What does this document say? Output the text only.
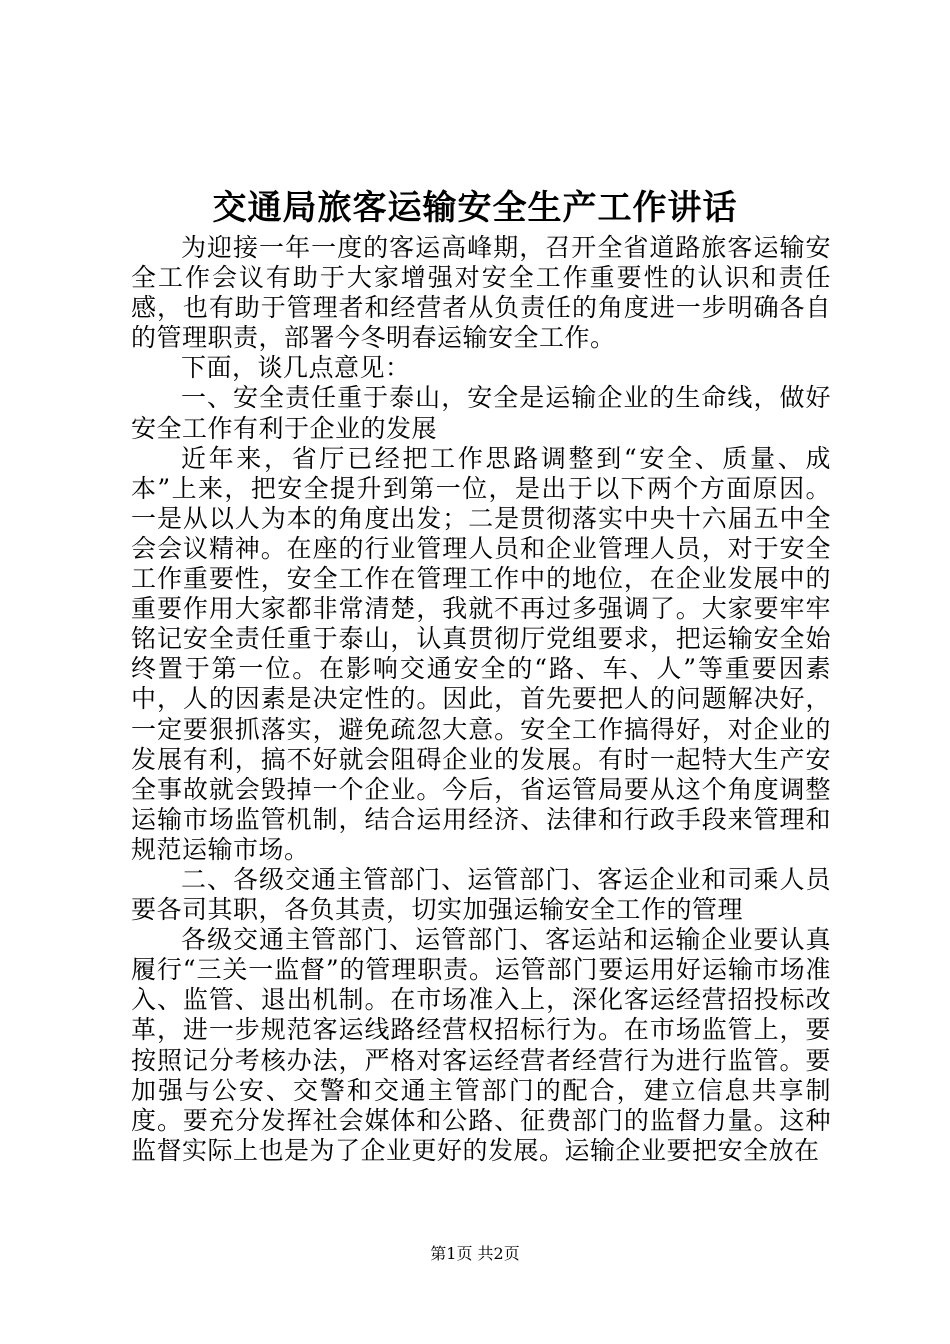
交通局旅客运输安全生产工作讲话

为迎接一年一度的客运高峰期，召开全省道路旅客运输安全工作会议有助于大家增强对安全工作重要性的认识和责任感，也有助于管理者和经营者从负责任的角度进一步明确各自的管理职责，部署今冬明春运输安全工作。

下面，谈几点意见：

一、安全责任重于泰山，安全是运输企业的生命线，做好安全工作有利于企业的发展

近年来，省厅已经把工作思路调整到“安全、质量、成本”上来，把安全提升到第一位，是出于以下两个方面原因。一是从以人为本的角度出发；二是贯彻落实中央十六届五中全会会议精神。在座的行业管理人员和企业管理人员，对于安全工作重要性，安全工作在管理工作中的地位，在企业发展中的重要作用大家都非常清楚，我就不再过多强调了。大家要牢牢铭记安全责任重于泰山，认真贯彻厅党组要求，把运输安全始终置于第一位。在影响交通安全的“路、车、人”等重要因素中，人的因素是决定性的。因此，首先要把人的问题解决好，一定要狠抓落实，避免疏忽大意。安全工作搞得好，对企业的发展有利，搞不好就会阻碍企业的发展。有时一起特大生产安全事故就会毁掉一个企业。今后，省运管局要从这个角度调整运输市场监管机制，结合运用经济、法律和行政手段来管理和规范运输市场。

二、各级交通主管部门、运管部门、客运企业和司乘人员要各司其职，各负其责，切实加强运输安全工作的管理

各级交通主管部门、运管部门、客运站和运输企业要认真履行“三关一监督”的管理职责。运管部门要运用好运输市场准入、监管、退出机制。在市场准入上，深化客运经营招投标改革，进一步规范客运线路经营权招标行为。在市场监管上，要按照记分考核办法，严格对客运经营者经营行为进行监管。要加强与公安、交警和交通主管部门的配合，建立信息共享制度。要充分发挥社会媒体和公路、征费部门的监督力量。这种监督实际上也是为了企业更好的发展。运输企业要把安全放在

第1页 共2页
